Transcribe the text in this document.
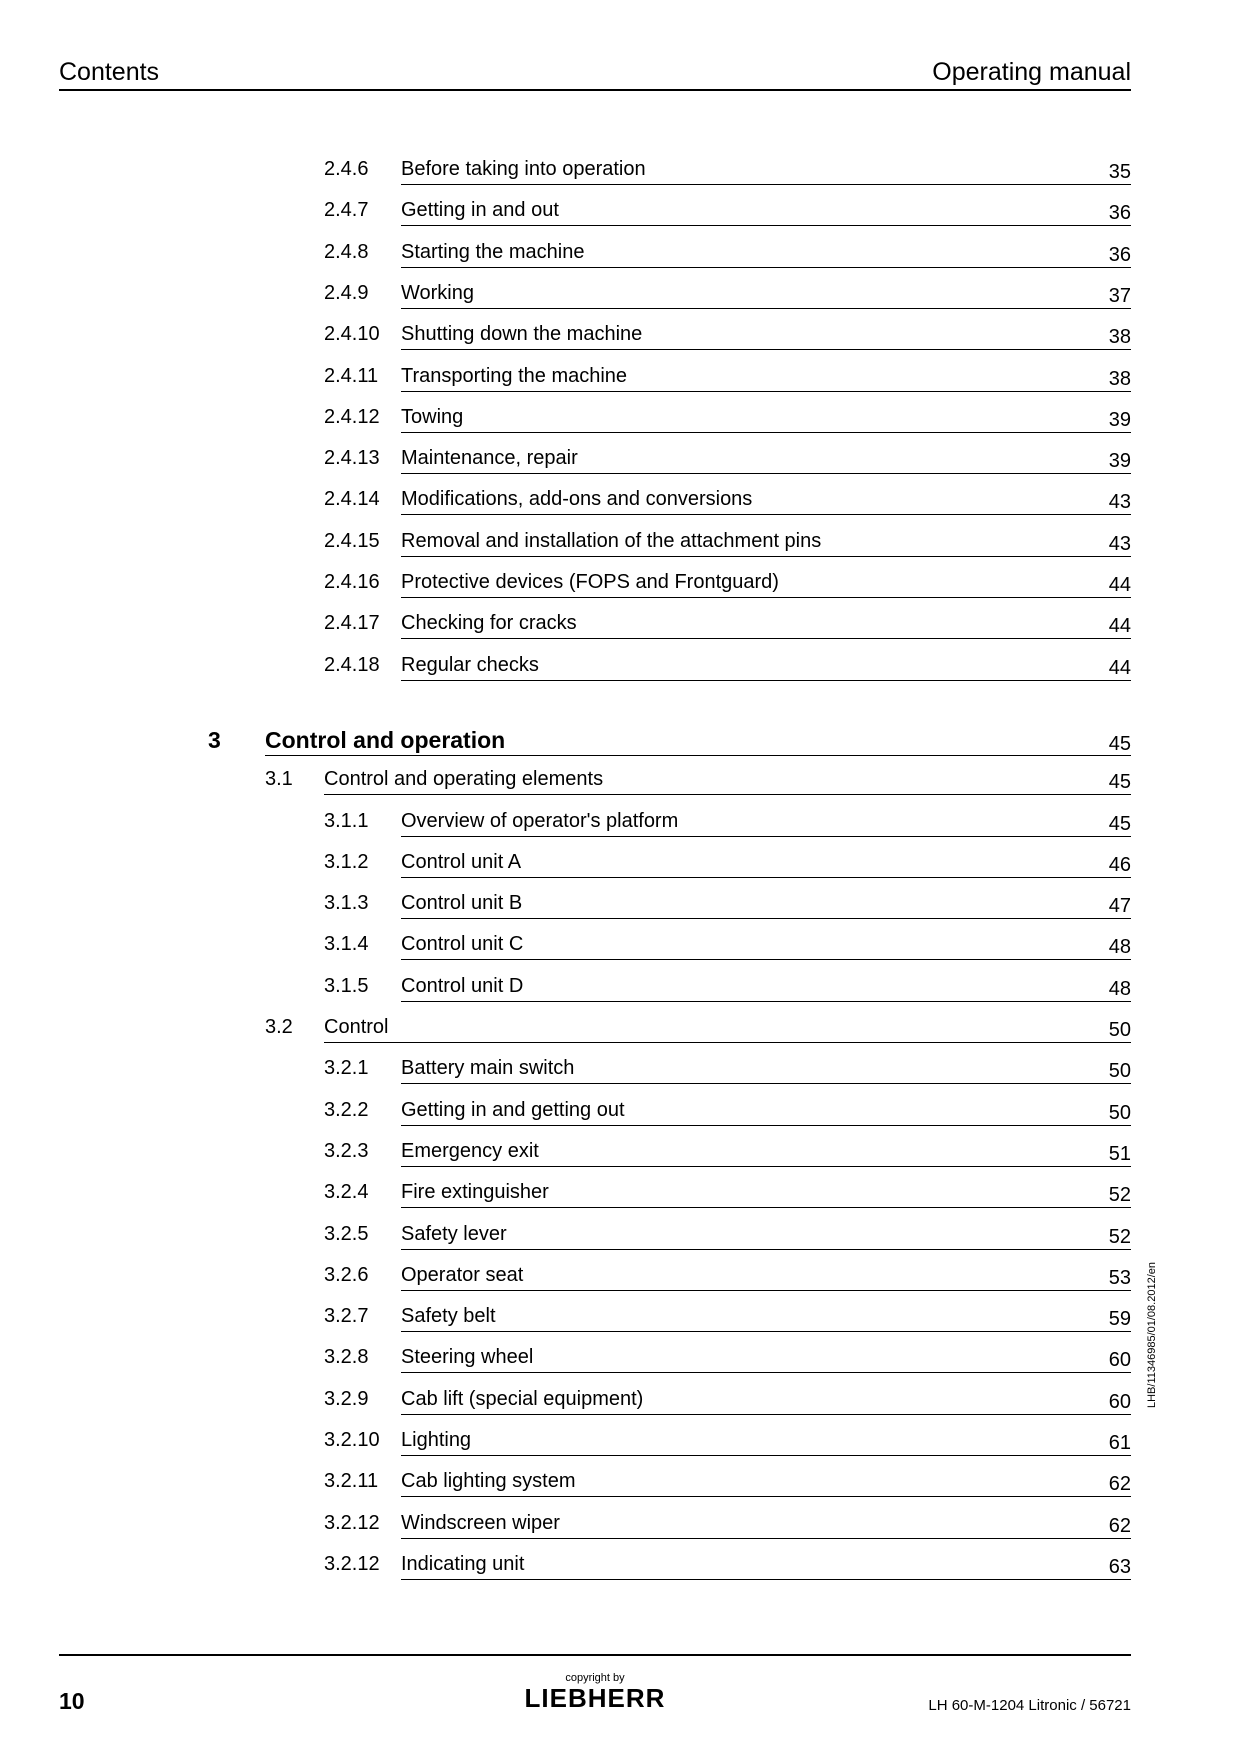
Contents	Operating manual
2.4.6 Before taking into operation	35
2.4.7 Getting in and out	36
2.4.8 Starting the machine	36
2.4.9 Working	37
2.4.10 Shutting down the machine	38
2.4.11 Transporting the machine	38
2.4.12 Towing	39
2.4.13 Maintenance, repair	39
2.4.14 Modifications, add-ons and conversions	43
2.4.15 Removal and installation of the attachment pins	43
2.4.16 Protective devices (FOPS and Frontguard)	44
2.4.17 Checking for cracks	44
2.4.18 Regular checks	44
3 Control and operation	45
3.1 Control and operating elements	45
3.1.1 Overview of operator's platform	45
3.1.2 Control unit A	46
3.1.3 Control unit B	47
3.1.4 Control unit C	48
3.1.5 Control unit D	48
3.2 Control	50
3.2.1 Battery main switch	50
3.2.2 Getting in and getting out	50
3.2.3 Emergency exit	51
3.2.4 Fire extinguisher	52
3.2.5 Safety lever	52
3.2.6 Operator seat	53
3.2.7 Safety belt	59
3.2.8 Steering wheel	60
3.2.9 Cab lift (special equipment)	60
3.2.10 Lighting	61
3.2.11 Cab lighting system	62
3.2.12 Windscreen wiper	62
3.2.12 Indicating unit	63
LHB/11346985/01/08.2012/en
10
copyright by
LIEBHERR	LH 60-M-1204 Litronic / 56721
